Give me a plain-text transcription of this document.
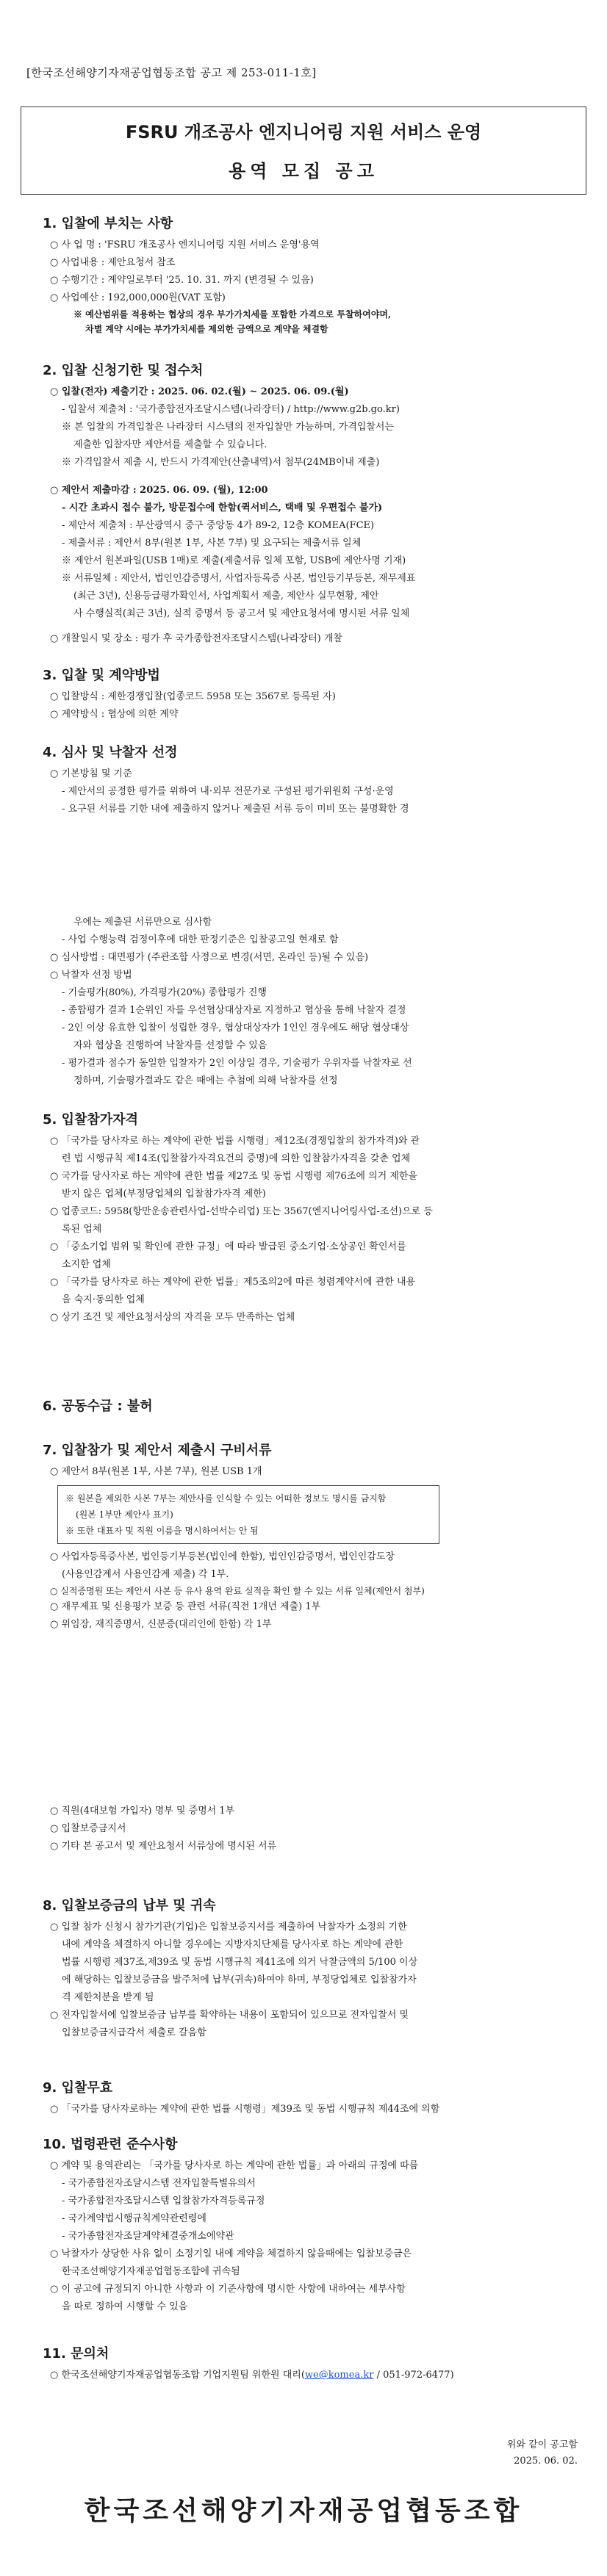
[한국조선해양기자재공업협동조합 공고 제 253-011-1호]
FSRU 개조공사 엔지니어링 지원 서비스 운영
용역 모집 공고
1. 입찰에 부치는 사항
○ 사 업 명 : 'FSRU 개조공사 엔지니어링 지원 서비스 운영'용역
○ 사업내용 : 제안요청서 참조
○ 수행기간 : 계약일로부터 '25. 10. 31. 까지 (변경될 수 있음)
○ 사업예산 : 192,000,000원(VAT 포함)
※ 예산범위를 적용하는 협상의 경우 부가가치세를 포함한 가격으로 투찰하여야며,
차별 계약 시에는 부가가치세를 제외한 금액으로 계약을 체결함
2. 입찰 신청기한 및 접수처
○ 입찰(전자) 제출기간 : 2025. 06. 02.(월) ~ 2025. 06. 09.(월)
- 입찰서 제출처 : '국가종합전자조달시스템(나라장터) / http://www.g2b.go.kr)
※ 본 입찰의 가격입찰은 나라장터 시스템의 전자입찰만 가능하며, 가격입찰서는
제출한 입찰자만 제안서를 제출할 수 있습니다.
※ 가격입찰서 제출 시, 반드시 가격제안(산출내역)서 첨부(24MB이내 제출)
○ 제안서 제출마감 : 2025. 06. 09. (월), 12:00
- 시간 초과시 접수 불가, 방문접수에 한함(퀵서비스, 택배 및 우편접수 불가)
- 제안서 제출처 : 부산광역시 중구 중앙동 4가 89-2, 12층 KOMEA(FCE)
- 제출서류 : 제안서 8부(원본 1부, 사본 7부) 및 요구되는 제출서류 일체
※ 제안서 원본파일(USB 1매)로 제출(제출서류 일체 포함, USB에 제안사명 기재)
※ 서류일체 : 제안서, 법인인감증명서, 사업자등록증 사본, 법인등기부등본, 재무제표
(최근 3년), 신용등급평가확인서, 사업계획서 제출, 제안사 실무현황, 제안
사 수행실적(최근 3년), 실적 증명서 등 공고서 및 제안요청서에 명시된 서류 일체
○ 개찰일시 및 장소 : 평가 후 국가종합전자조달시스템(나라장터) 개찰
3. 입찰 및 계약방법
○ 입찰방식 : 제한경쟁입찰(업종코드 5958 또는 3567로 등록된 자)
○ 계약방식 : 협상에 의한 계약
4. 심사 및 낙찰자 선정
○ 기본방침 및 기준
- 제안서의 공정한 평가를 위하여 내·외부 전문가로 구성된 평가위원회 구성·운영
- 요구된 서류를 기한 내에 제출하지 않거나 제출된 서류 등이 미비 또는 불명확한 경
우에는 제출된 서류만으로 심사함
- 사업 수행능력 검정이후에 대한 판정기준은 입찰공고일 현재로 함
○ 심사방법 : 대면평가 (주관조합 사정으로 변경(서면, 온라인 등)될 수 있음)
○ 낙찰자 선정 방법
- 기술평가(80%), 가격평가(20%) 종합평가 진행
- 종합평가 결과 1순위인 자를 우선협상대상자로 지정하고 협상을 통해 낙찰자 결정
- 2인 이상 유효한 입찰이 성립한 경우, 협상대상자가 1인인 경우에도 해당 협상대상
자와 협상을 진행하여 낙찰자를 선정할 수 있음
- 평가결과 점수가 동일한 입찰자가 2인 이상일 경우, 기술평가 우위자를 낙찰자로 선
정하며, 기술평가결과도 같은 때에는 추첨에 의해 낙찰자를 선정
5. 입찰참가자격
○ 「국가를 당사자로 하는 계약에 관한 법률 시행령」제12조(경쟁입찰의 참가자격)와 관
련 법 시행규칙 제14조(입찰참가자격요건의 증명)에 의한 입찰참가자격을 갖춘 업체
○ 국가를 당사자로 하는 계약에 관한 법률 제27조 및 동법 시행령 제76조에 의거 제한을
받지 않은 업체(부정당업체의 입찰참가자격 제한)
○ 업종코드: 5958(항만운송관련사업-선박수리업) 또는 3567(엔지니어링사업-조선)으로 등
록된 업체
○ 「중소기업 범위 및 확인에 관한 규정」에 따라 발급된 중소기업·소상공인 확인서를
소지한 업체
○ 「국가를 당사자로 하는 계약에 관한 법률」제5조의2에 따른 청렴계약서에 관한 내용
을 숙지·동의한 업체
○ 상기 조건 및 제안요청서상의 자격을 모두 만족하는 업체
6. 공동수급 : 불허
7. 입찰참가 및 제안서 제출시 구비서류
○ 제안서 8부(원본 1부, 사본 7부), 원본 USB 1개
※ 원본을 제외한 사본 7부는 제안사를 인식할 수 있는 어떠한 정보도 명시를 금지함
(원본 1부만 제안사 표기)
※ 또한 대표자 및 직원 이름을 명시하여서는 안 됨
○ 사업자등록증사본, 법인등기부등본(법인에 한함), 법인인감증명서, 법인인감도장
(사용인감계서 사용인감계 제출) 각 1부.
○ 실적증명원 또는 제안서 사본 등 유사 용역 완료 실적을 확인 할 수 있는 서류 일체(제안서 첨부)
○ 재무제표 및 신용평가 보증 등 관련 서류(직전 1개년 제출) 1부
○ 위임장, 재직증명서, 신분증(대리인에 한함) 각 1부
○ 직원(4대보험 가입자) 명부 및 증명서 1부
○ 입찰보증금지서
○ 기타 본 공고서 및 제안요청서 서류상에 명시된 서류
8. 입찰보증금의 납부 및 귀속
○ 입찰 참가 신청시 참가기관(기업)은 입찰보증지서를 제출하여 낙찰자가 소정의 기한
내에 계약을 체결하지 아니할 경우에는 지방자치단체를 당사자로 하는 계약에 관한
법률 시행령 제37조,제39조 및 동법 시행규칙 제41조에 의거 낙찰금액의 5/100 이상
에 해당하는 입찰보증금을 발주처에 납부(귀속)하여야 하며, 부정당업체로 입찰참가자
격 제한처분을 받게 됨
○ 전자입찰서에 입찰보증금 납부를 확약하는 내용이 포함되어 있으므로 전자입찰서 및
입찰보증금지급각서 제출로 갈음함
9. 입찰무효
○ 「국가를 당사자로하는 계약에 관한 법률 시행령」제39조 및 동법 시행규칙 제44조에 의함
10. 법령관련 준수사항
○ 계약 및 용역관리는 「국가를 당사자로 하는 계약에 관한 법률」과 아래의 규정에 따름
- 국가종합전자조달시스템 전자입찰특별유의서
- 국가종합전자조달시스템 입찰참가자격등록규정
- 국가계약법시행규칙계약관련령에
- 국가종합전자조달계약체결중개소에약관
○ 낙찰자가 상당한 사유 없이 소정기일 내에 계약을 체결하지 않을때에는 입찰보증금은
한국조선해양기자재공업협동조합에 귀속됨
○ 이 공고에 규정되지 아니한 사항과 이 기준사항에 명시한 사항에 내하여는 세부사항
을 따로 정하여 시행할 수 있음
11. 문의처
○ 한국조선해양기자재공업협동조합 기업지원팀 위한원 대리(we@komea.kr / 051-972-6477)
위와 같이 공고함
2025. 06. 02.
한국조선해양기자재공업협동조합
